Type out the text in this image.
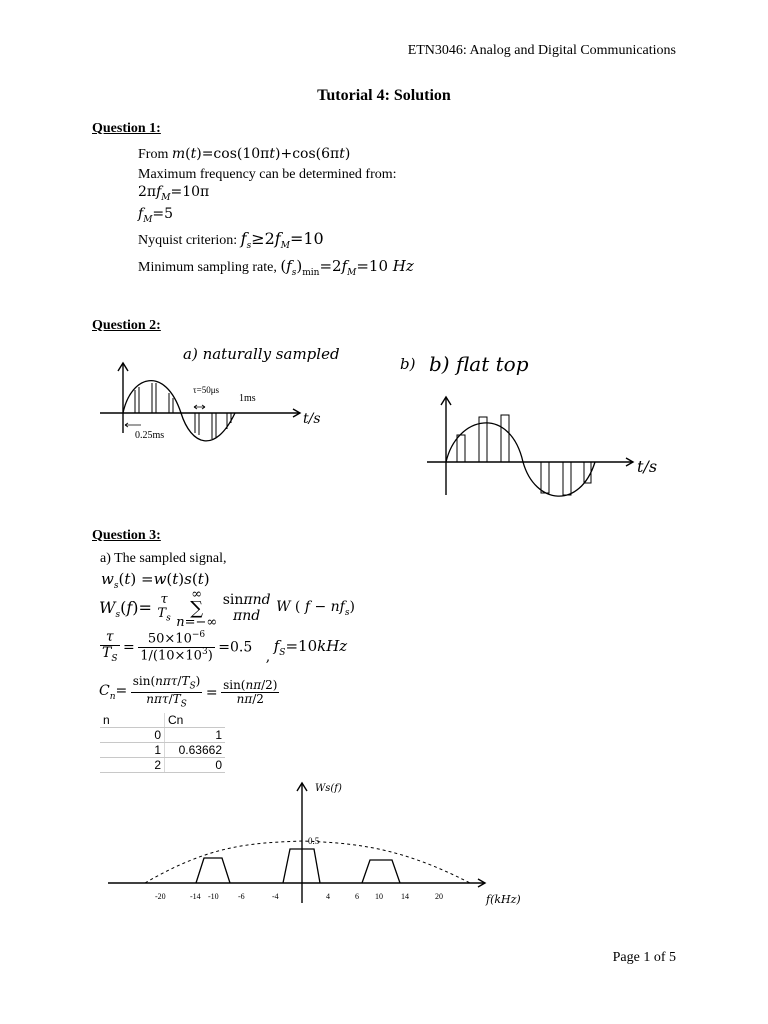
ETN3046: Analog and Digital Communications
Tutorial 4: Solution
Question 1:
From m(t)=cos(10πt)+cos(6πt)
Maximum frequency can be determined from:
$2\pi f_M=10\pi$
$f_M=5$
Nyquist criterion: $f_s\ge 2f_M=10$
Minimum sampling rate, $(f_s)_{min}=2f_M=10$ Hz
Question 2:
a) naturally sampled
τ=50μs
1ms
0.25ms
t/s
b) b) flat top
t/s
Question 3:
a) The sampled signal,
$w_s(t) =w(t)s(t)$
$W_s(f)= \tau$
$T_s$

∞
∑
n=−∞

sinπnd
πnd
W ( $f - nf_s$)
$\frac{\tau}{T_S} = \frac{50\times 10^{-6}}{1/(10\times 10^3)} =0.5$ , $f_S=10kHz$
$C_n= \frac{\sin(n\pi\tau/T_S)}{n\pi\tau/T_S} = \frac{\sin(n\pi/2)}{n\pi/2}$
n	Cn
0	1
1	0.63662
2	0
Ws(f)
f(kHz)
0.5
-20	-14 -10 -6	-4	4	6 10 14	20
Page 1 of 5
